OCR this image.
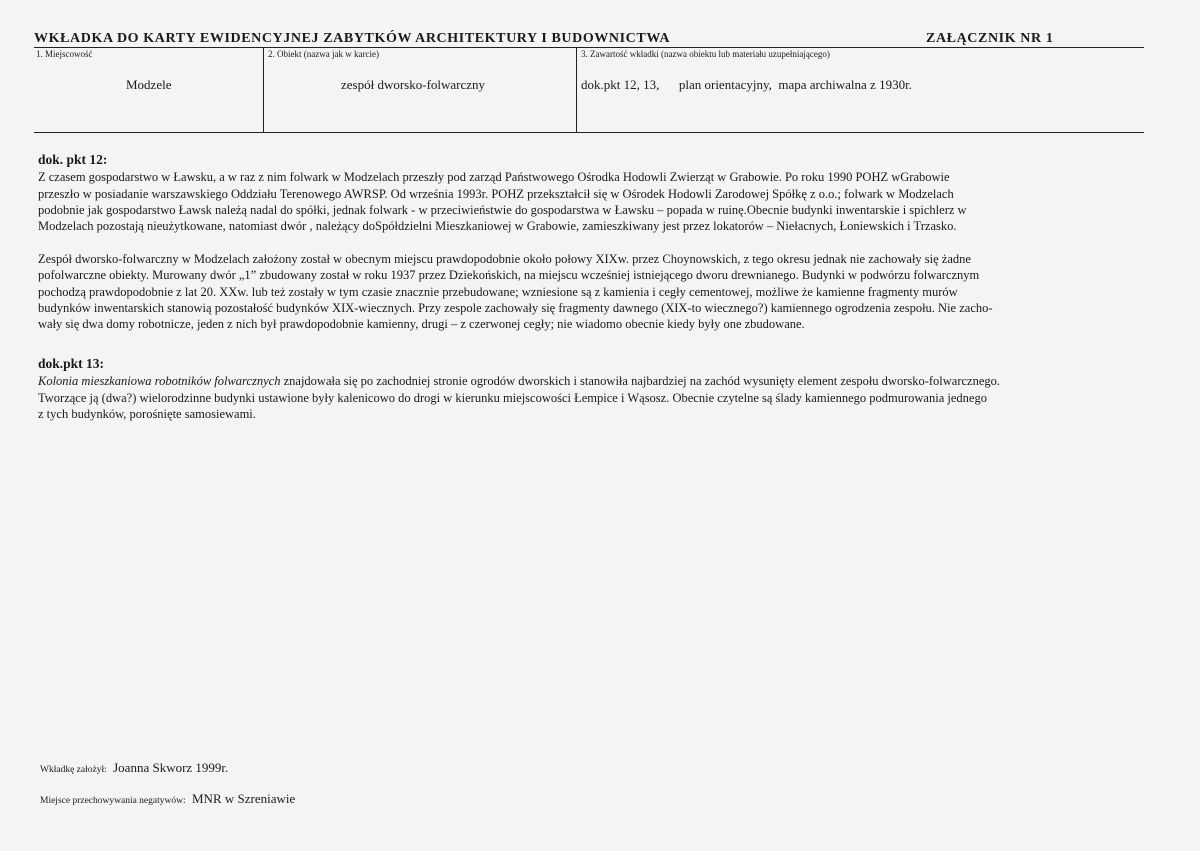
WKŁADKA DO KARTY EWIDENCYJNEJ ZABYTKÓW ARCHITEKTURY I BUDOWNICTWA	ZAŁĄCZNIK NR 1
1. Miejscowość
Modzele
2. Obiekt (nazwa jak w karcie)
zespół dworsko-folwarczny
3. Zawartość wkładki (nazwa obiektu lub materiału uzupełniającego)
dok.pkt 12, 13,      plan orientacyjny,  mapa archiwalna z 1930r.
dok. pkt 12:
Z czasem gospodarstwo w Ławsku, a w raz z nim folwark w Modzelach przeszły pod zarząd Państwowego Ośrodka Hodowli Zwierząt w Grabowie. Po roku 1990 POHZ wGrabowie
przeszło w posiadanie warszawskiego Oddziału Terenowego AWRSP. Od września 1993r. POHZ przekształcił się w Ośrodek Hodowli Zarodowej Spółkę z o.o.; folwark w Modzelach
podobnie jak gospodarstwo Ławsk należą nadal do spółki, jednak folwark - w przeciwieństwie do gospodarstwa w Ławsku – popada w ruinę.Obecnie budynki inwentarskie i spichlerz w
Modzelach pozostają nieużytkowane, natomiast dwór , należący doSpółdzielni Mieszkaniowej w Grabowie, zamieszkiwany jest przez lokatorów – Niełacnych, Łoniewskich i Trzasko.
Zespół dworsko-folwarczny w Modzelach założony został w obecnym miejscu prawdopodobnie około połowy XIXw. przez Choynowskich, z tego okresu jednak nie zachowały się żadne
pofolwarczne obiekty. Murowany dwór „1” zbudowany został w roku 1937 przez Dziekońskich, na miejscu wcześniej istniejącego dworu drewnianego. Budynki w podwórzu folwarcznym
pochodzą prawdopodobnie z lat 20. XXw. lub też zostały w tym czasie znacznie przebudowane; wzniesione są z kamienia i cegły cementowej, możliwe że kamienne fragmenty murów
budynków inwentarskich stanowią pozostałość budynków XIX-wiecznych. Przy zespole zachowały się fragmenty dawnego (XIX-to wiecznego?) kamiennego ogrodzenia zespołu. Nie zacho-
wały się dwa domy robotnicze, jeden z nich był prawdopodobnie kamienny, drugi – z czerwonej cegły; nie wiadomo obecnie kiedy były one zbudowane.
dok.pkt 13:
Kolonia mieszkaniowa robotników folwarcznych znajdowała się po zachodniej stronie ogrodów dworskich i stanowiła najbardziej na zachód wysunięty element zespołu dworsko-folwarcznego.
Tworzące ją (dwa?) wielorodzinne budynki ustawione były kalenicowo do drogi w kierunku miejscowości Łempice i Wąsosz. Obecnie czytelne są ślady kamiennego podmurowania jednego
z tych budynków, porośnięte samosiewami.
Wkładkę założył: Joanna Skworz 1999r.
Miejsce przechowywania negatywów: MNR w Szreniawie
